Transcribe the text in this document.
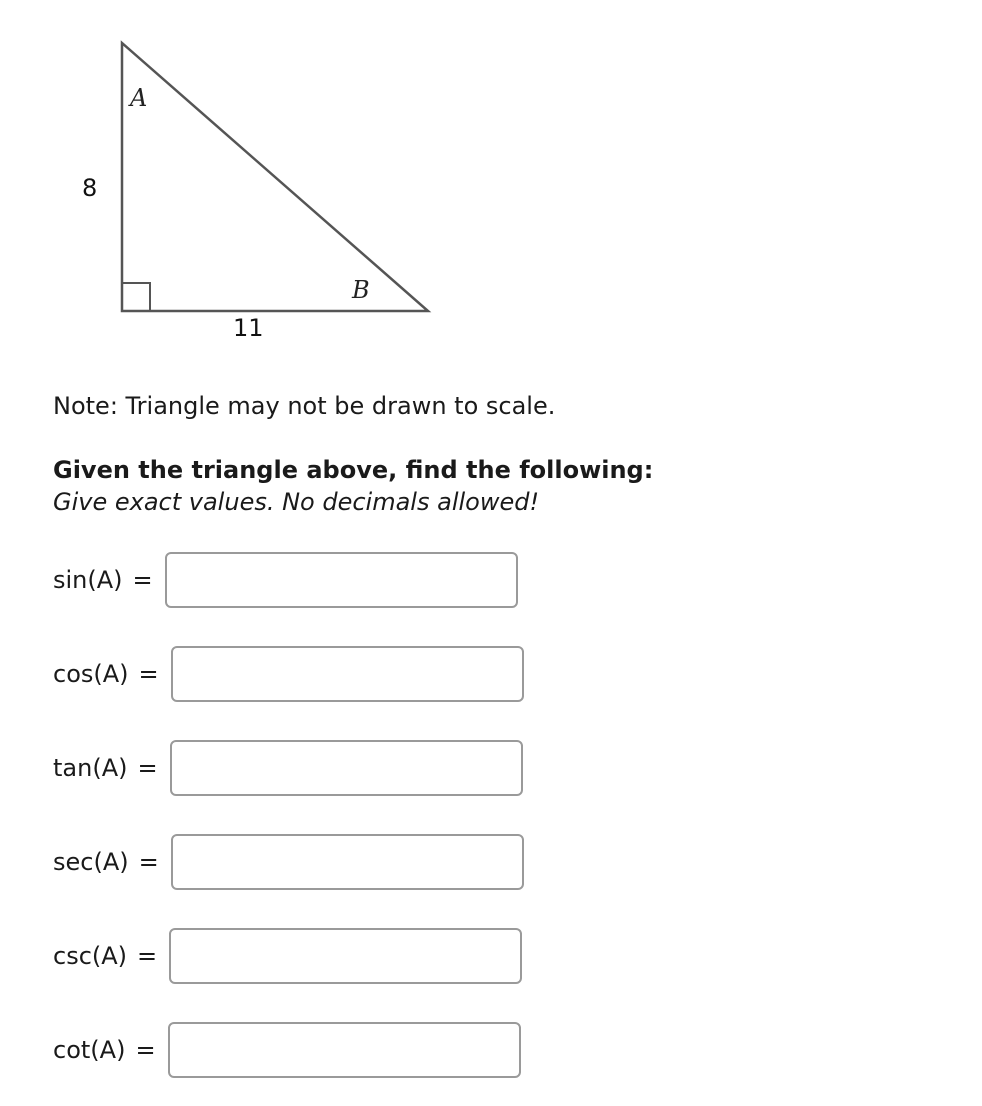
A
B
8
11

Note: Triangle may not be drawn to scale.

Given the triangle above, find the following:
Give exact values. No decimals allowed!
sin(A) =
cos(A) =
tan(A) =
sec(A) =
csc(A) =
cot(A) =
